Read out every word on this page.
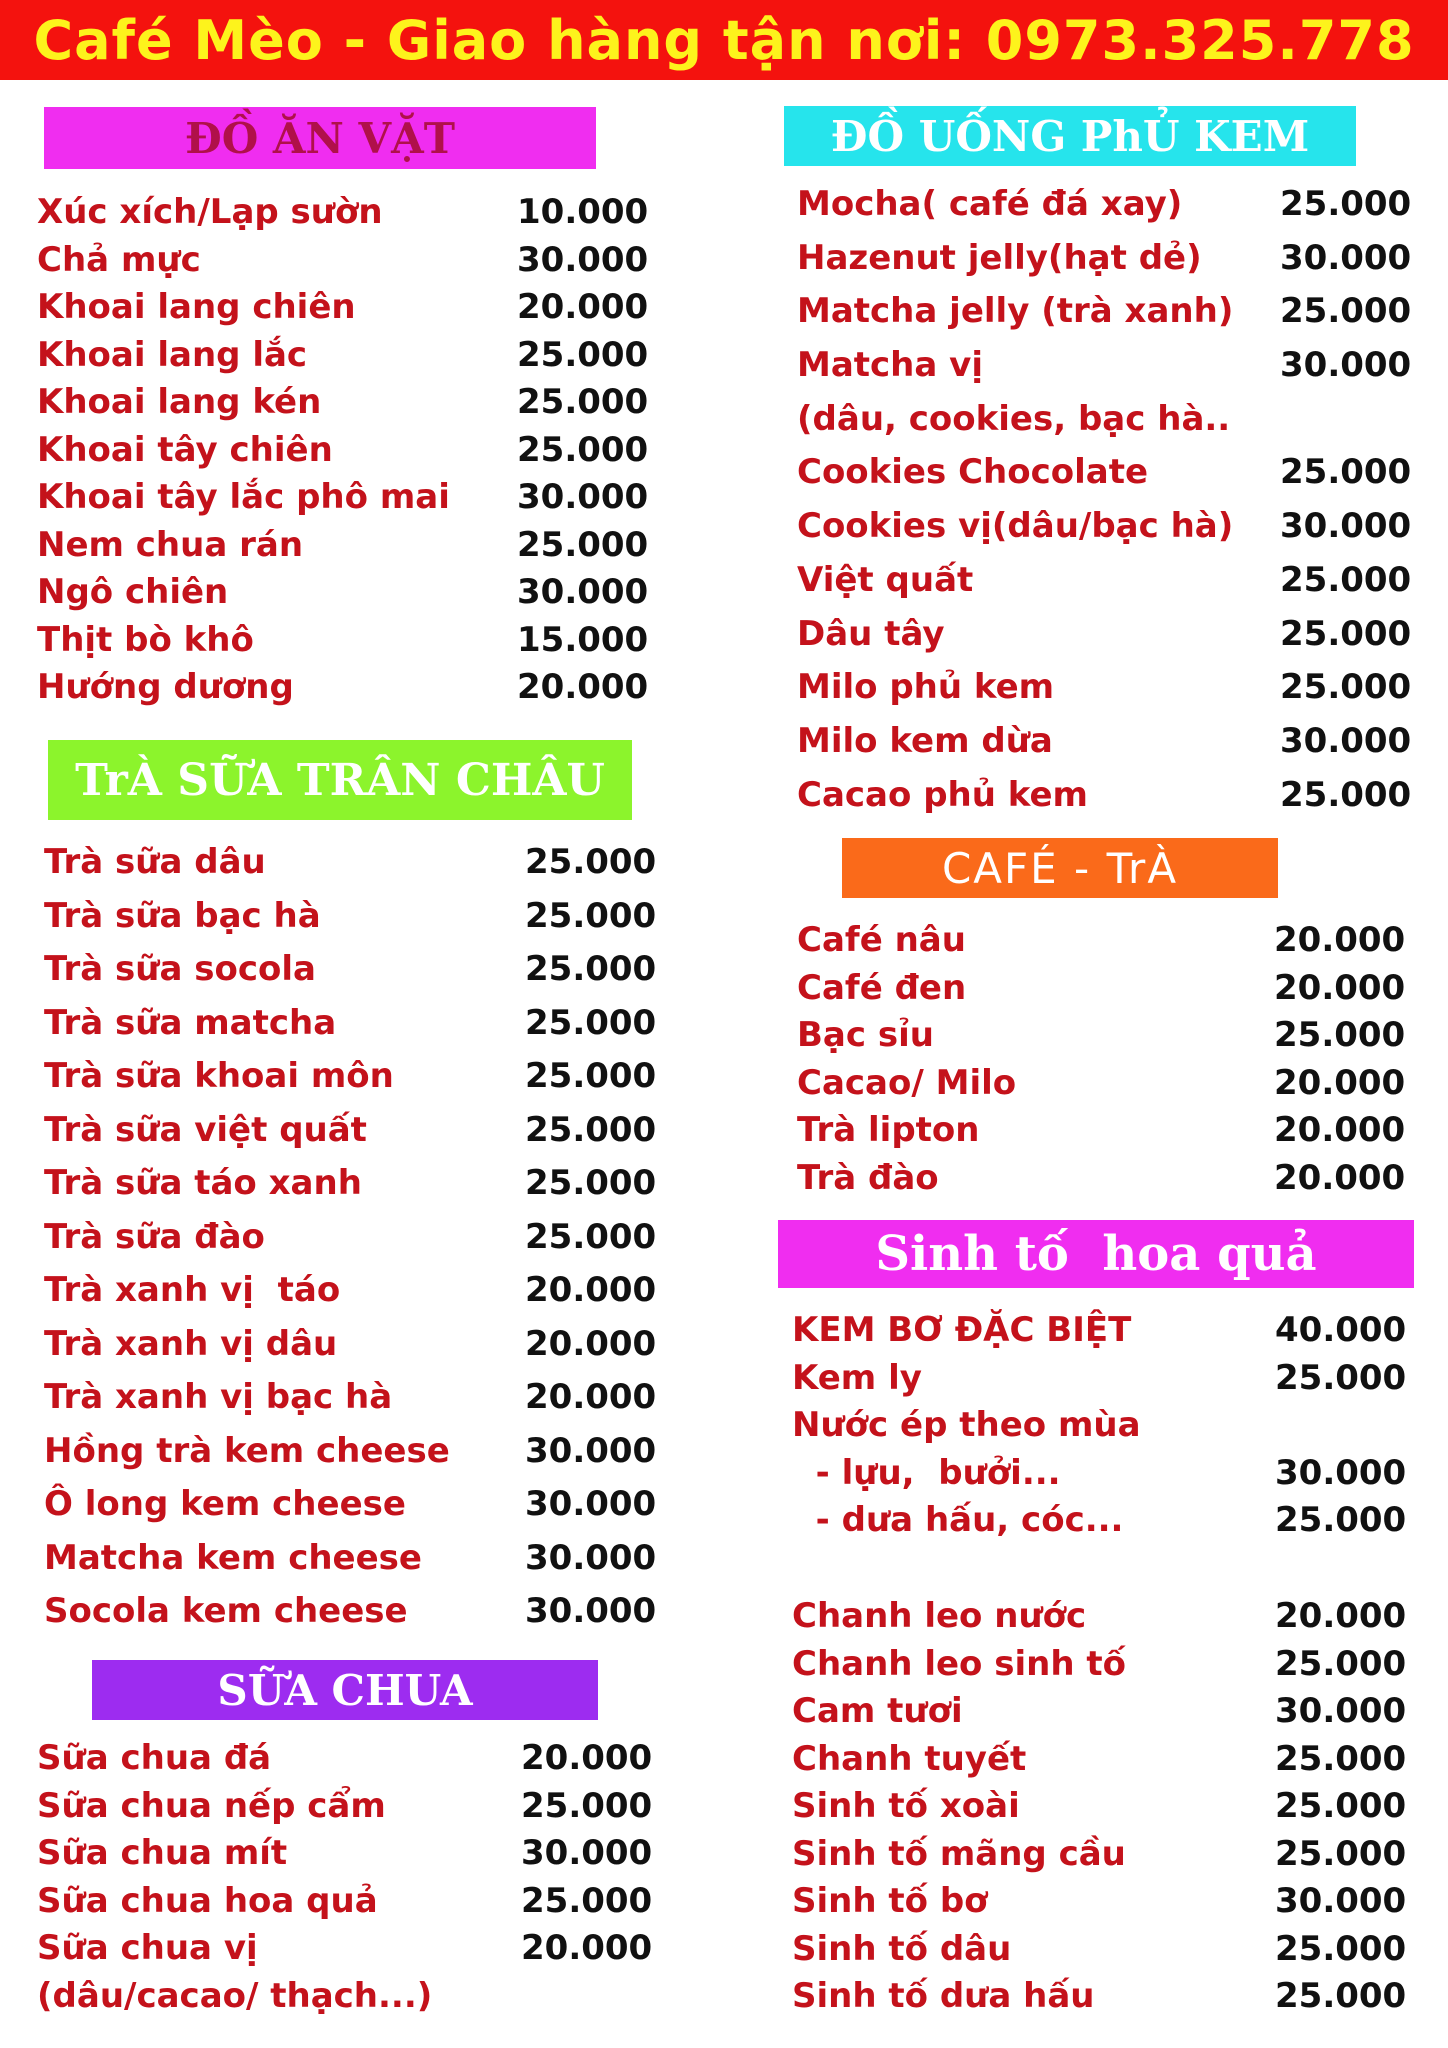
Café Mèo - Giao hàng tận nơi: 0973.325.778
ĐỒ ĂN VẶT
Xúc xích/Lạp sườn	10.000
Chả mực	30.000
Khoai lang chiên	20.000
Khoai lang lắc	25.000
Khoai lang kén	25.000
Khoai tây chiên	25.000
Khoai tây lắc phô mai 30.000
Nem chua rán	25.000
Ngô chiên	30.000
Thịt bò khô	15.000
Hướng dương	20.000
TrÀ SỮA TRÂN CHÂU
Trà sữa dâu	25.000
Trà sữa bạc hà	25.000
Trà sữa socola	25.000
Trà sữa matcha	25.000
Trà sữa khoai môn	25.000
Trà sữa việt quất	25.000
Trà sữa táo xanh	25.000
Trà sữa đào	25.000
Trà xanh vị  táo	20.000
Trà xanh vị dâu	20.000
Trà xanh vị bạc hà	20.000
Hồng trà kem cheese 30.000
Ô long kem cheese	30.000
Matcha kem cheese	30.000
Socola kem cheese	30.000
SỮA CHUA
Sữa chua đá	20.000
Sữa chua nếp cẩm	25.000
Sữa chua mít	30.000
Sữa chua hoa quả	25.000
Sữa chua vị	20.000
(dâu/cacao/ thạch...)
ĐỒ UỐNG PhỦ KEM
Mocha( café đá xay)	25.000
Hazenut jelly(hạt dẻ) 30.000
Matcha jelly (trà xanh) 25.000
Matcha vị	30.000
(dâu, cookies, bạc hà..
Cookies Chocolate	25.000
Cookies vị(dâu/bạc hà) 30.000
Việt quất	25.000
Dâu tây	25.000
Milo phủ kem	25.000
Milo kem dừa	30.000
Cacao phủ kem	25.000
CAFÉ - TrÀ
Café nâu	20.000
Café đen	20.000
Bạc sỉu	25.000
Cacao/ Milo	20.000
Trà lipton	20.000
Trà đào	20.000
Sinh tố  hoa quả
KEM BƠ ĐẶC BIỆT	40.000
Kem ly	25.000
Nước ép theo mùa
- lựu,  bưởi...	30.000
- dưa hấu, cóc...	25.000
Chanh leo nước	20.000
Chanh leo sinh tố	25.000
Cam tươi	30.000
Chanh tuyết	25.000
Sinh tố xoài	25.000
Sinh tố mãng cầu	25.000
Sinh tố bơ	30.000
Sinh tố dâu	25.000
Sinh tố dưa hấu	25.000
